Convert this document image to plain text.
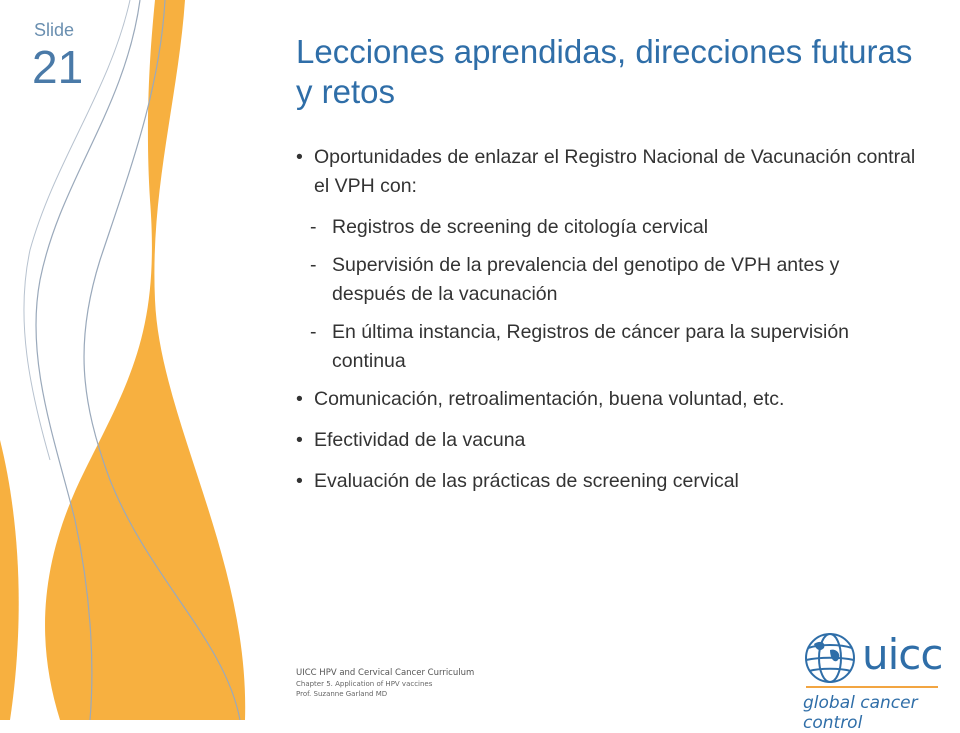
Slide
21	Lecciones aprendidas, direcciones futuras y retos
• Oportunidades de enlazar el Registro Nacional de Vacunación contral el VPH con:
- Registros de screening de citología cervical
- Supervisión de la prevalencia del genotipo de VPH antes y después de la vacunación
- En última instancia, Registros de cáncer para la supervisión continua
• Comunicación, retroalimentación, buena voluntad, etc.
• Efectividad de la vacuna
• Evaluación de las prácticas de screening cervical
UICC HPV and Cervical Cancer Curriculum
Chapter 5. Application of HPV vaccines
Prof. Suzanne Garland MD
uicc
global cancer control
